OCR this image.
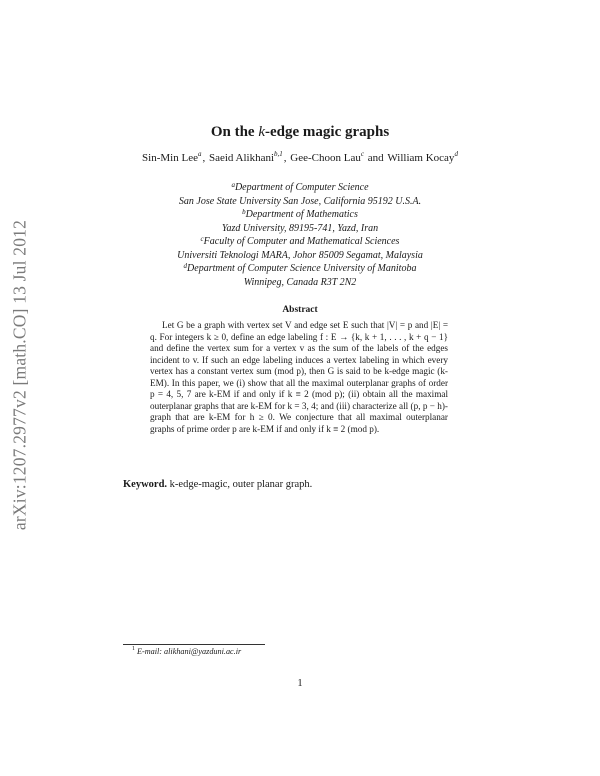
arXiv:1207.2977v2 [math.CO] 13 Jul 2012
On the k-edge magic graphs
Sin-Min Lee$^a$, Saeid Alikhani$^{b,1}$, Gee-Choon Lau$^c$ and William Kocay$^d$
$^a$Department of Computer Science
San Jose State University San Jose, California 95192 U.S.A.
$^b$Department of Mathematics
Yazd University, 89195-741, Yazd, Iran
$^c$Faculty of Computer and Mathematical Sciences
Universiti Teknologi MARA, Johor 85009 Segamat, Malaysia
$^d$Department of Computer Science University of Manitoba
Winnipeg, Canada R3T 2N2
Abstract
Let G be a graph with vertex set V and edge set E such that |V| = p and |E| = q. For integers k ≥ 0, define an edge labeling f : E → {k, k + 1, . . . , k + q − 1} and define the vertex sum for a vertex v as the sum of the labels of the edges incident to v. If such an edge labeling induces a vertex labeling in which every vertex has a constant vertex sum (mod p), then G is said to be k-edge magic (k-EM). In this paper, we (i) show that all the maximal outerplanar graphs of order p = 4, 5, 7 are k-EM if and only if k ≡ 2 (mod p); (ii) obtain all the maximal outerplanar graphs that are k-EM for k = 3, 4; and (iii) characterize all (p, p − h)-graph that are k-EM for h ≥ 0. We conjecture that all maximal outerplanar graphs of prime order p are k-EM if and only if k ≡ 2 (mod p).
Keyword. k-edge-magic, outer planar graph.
$^1$ E-mail: alikhani@yazduni.ac.ir
1
